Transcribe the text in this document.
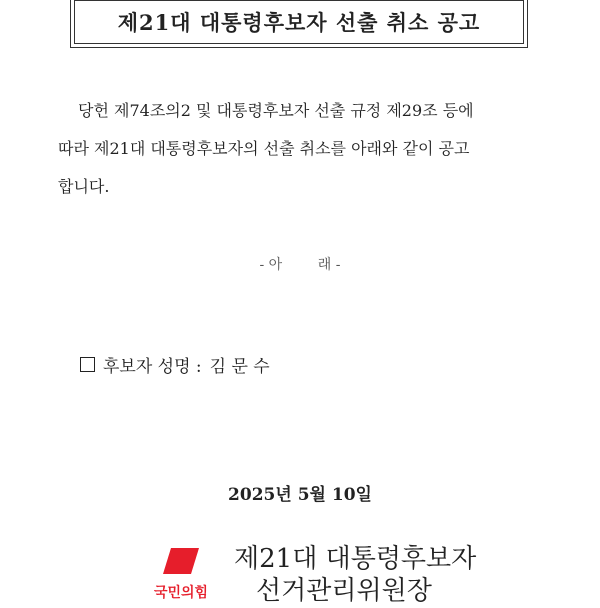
제21대 대통령후보자 선출 취소 공고
당헌 제74조의2 및 대통령후보자 선출 규정 제29조 등에
따라 제21대 대통령후보자의 선출 취소를 아래와 같이 공고
합니다.
- 아        래 -
후보자 성명 : 김 문 수
2025년 5월 10일
국민의힘
제21대 대통령후보자
선거관리위원장
